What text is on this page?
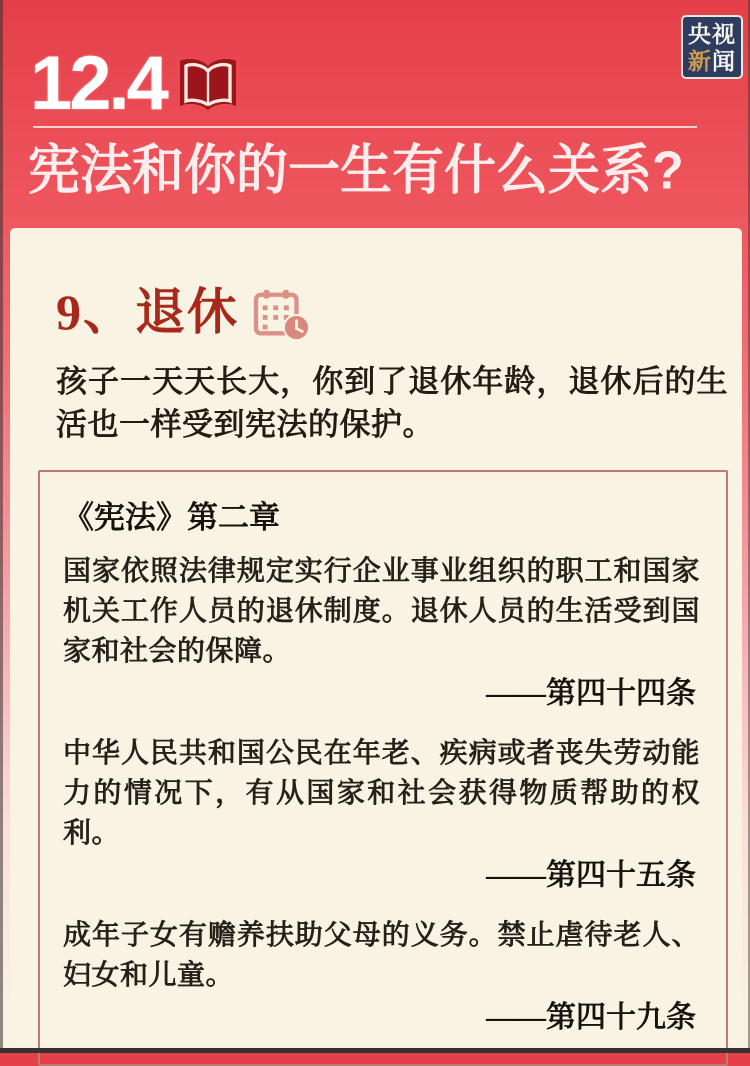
12.4
宪法和你的一生有什么关系?
央视
新闻
9、退休

孩子一天天长大，你到了退休年龄，退休后的生活也一样受到宪法的保护。

《宪法》第二章
国家依照法律规定实行企业事业组织的职工和国家机关工作人员的退休制度。退休人员的生活受到国家和社会的保障。
——第四十四条
中华人民共和国公民在年老、疾病或者丧失劳动能力的情况下，有从国家和社会获得物质帮助的权利。
——第四十五条
成年子女有赡养扶助父母的义务。禁止虐待老人、妇女和儿童。
——第四十九条
